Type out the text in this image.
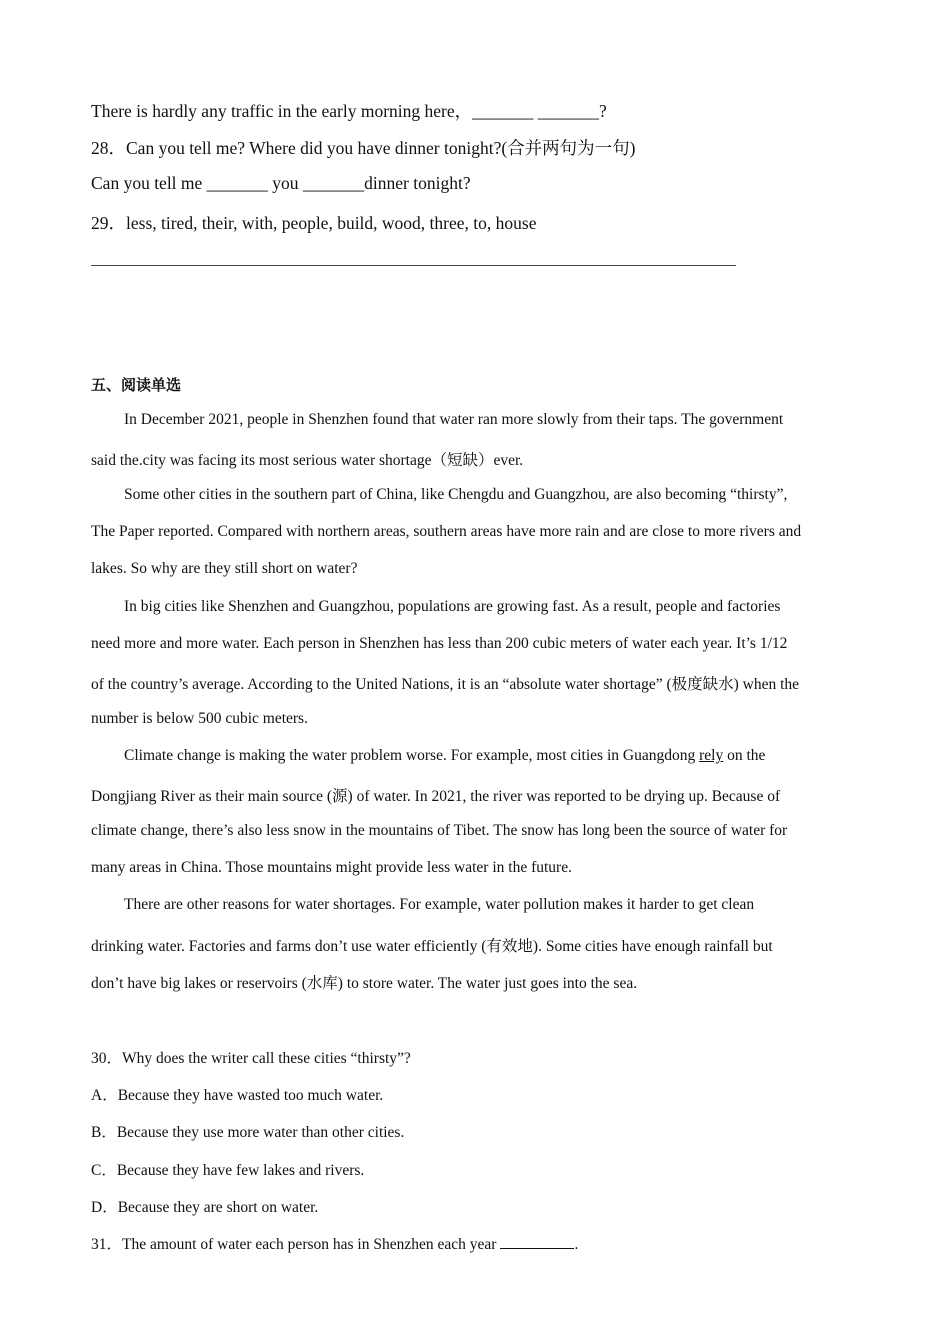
There is hardly any traffic in the early morning here，_______ _______?
28．Can you tell me? Where did you have dinner tonight?(合并两句为一句)
Can you tell me _______ you _______dinner tonight?
29．less, tired, their, with, people, build, wood, three, to, house
五、阅读单选
In December 2021, people in Shenzhen found that water ran more slowly from their taps. The government
said the.city was facing its most serious water shortage（短缺）ever.
Some other cities in the southern part of China, like Chengdu and Guangzhou, are also becoming “thirsty”,
The Paper reported. Compared with northern areas, southern areas have more rain and are close to more rivers and
lakes. So why are they still short on water?
In big cities like Shenzhen and Guangzhou, populations are growing fast. As a result, people and factories
need more and more water. Each person in Shenzhen has less than 200 cubic meters of water each year. It’s 1/12
of the country’s average. According to the United Nations, it is an “absolute water shortage” (极度缺水) when the
number is below 500 cubic meters.
Climate change is making the water problem worse. For example, most cities in Guangdong rely on the
Dongjiang River as their main source (源) of water. In 2021, the river was reported to be drying up. Because of
climate change, there’s also less snow in the mountains of Tibet. The snow has long been the source of water for
many areas in China. Those mountains might provide less water in the future.
There are other reasons for water shortages. For example, water pollution makes it harder to get clean
drinking water. Factories and farms don’t use water efficiently (有效地). Some cities have enough rainfall but
don’t have big lakes or reservoirs (水库) to store water. The water just goes into the sea.
30．Why does the writer call these cities “thirsty”?
A．Because they have wasted too much water.
B．Because they use more water than other cities.
C．Because they have few lakes and rivers.
D．Because they are short on water.
31．The amount of water each person has in Shenzhen each year	.
